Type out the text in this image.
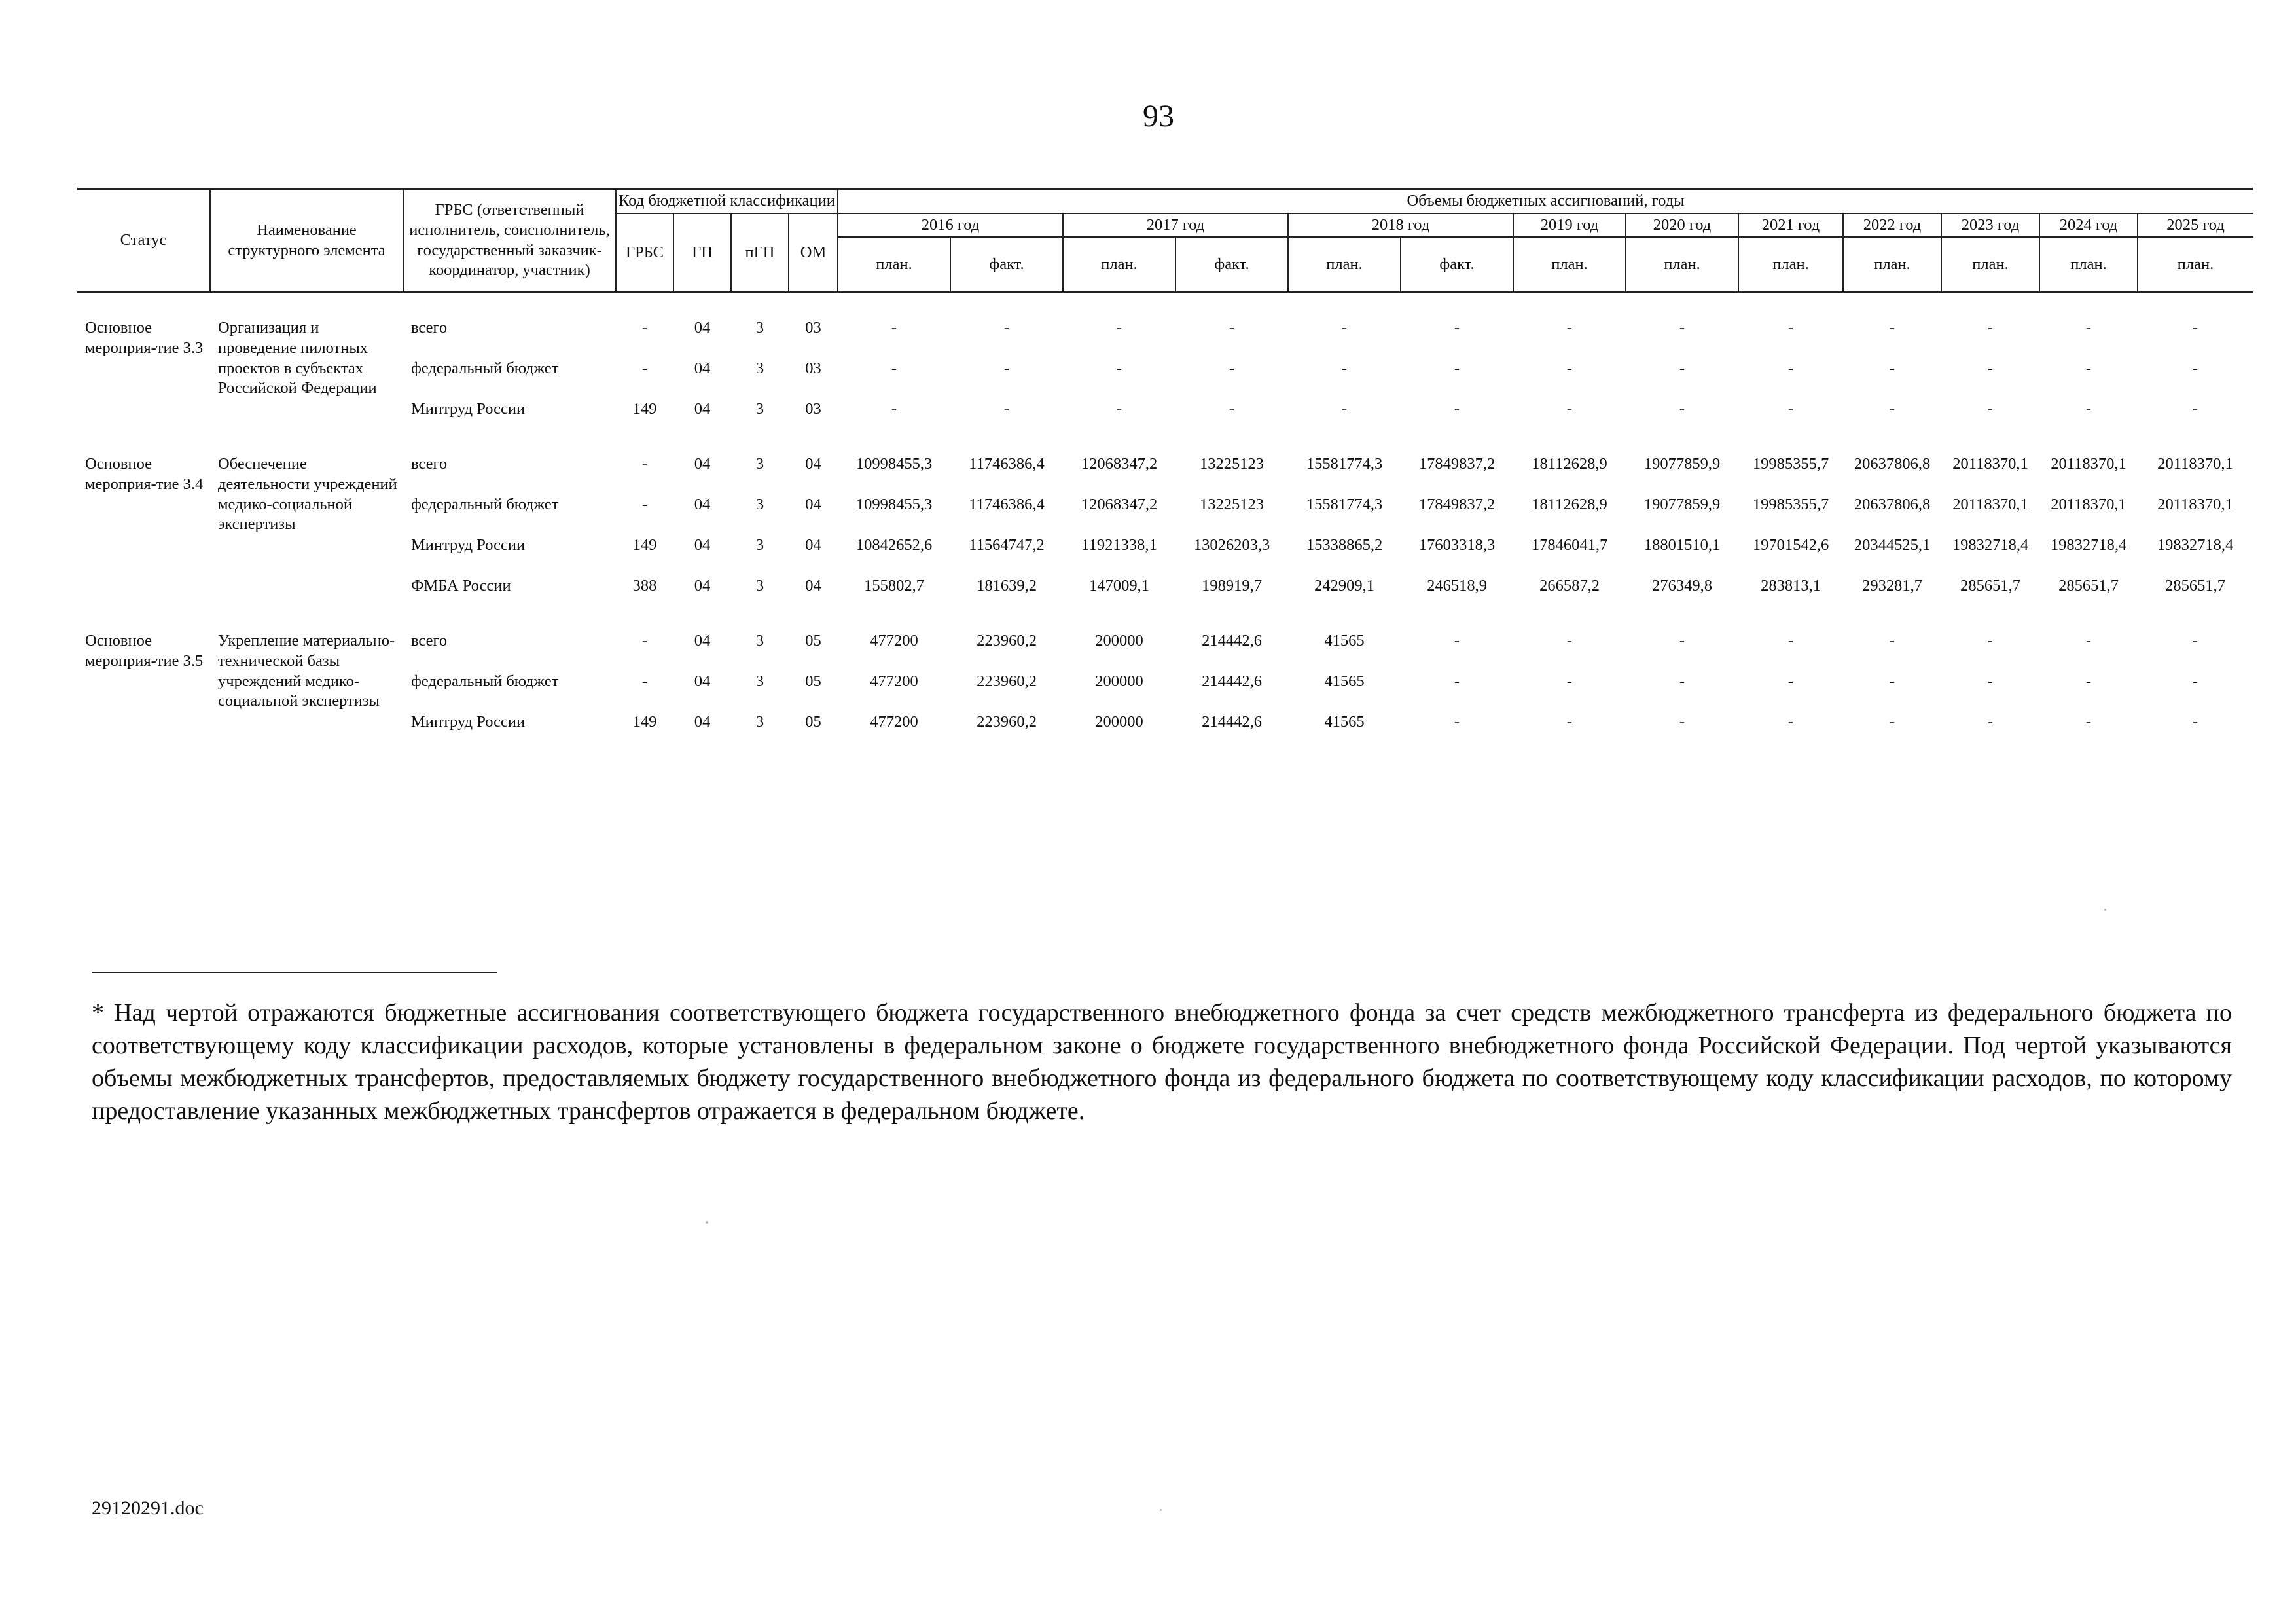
93
Статус	Наименование структурного элемента	ГРБС (ответственный исполнитель, соисполнитель, государственный заказчик-координатор, участник)	Код бюджетной классификации				Объемы бюджетных ассигнований, годы												
			ГРБС	ГП	пГП	ОМ	2016 год		2017 год		2018 год		2019 год	2020 год	2021 год	2022 год	2023 год	2024 год	2025 год
							план.	факт.	план.	факт.	план.	факт.	план.	план.	план.	план.	план.	план.	план.

Основное мероприя-тие 3.3	Организация и проведение пилотных проектов в субъектах Российской Федерации	всего	-	04	3	03	-	-	-	-	-	-	-	-	-	-	-	-	-
		федеральный бюджет	-	04	3	03	-	-	-	-	-	-	-	-	-	-	-	-	-
		Минтруд России	149	04	3	03	-	-	-	-	-	-	-	-	-	-	-	-	-

Основное мероприя-тие 3.4	Обеспечение деятельности учреждений медико-социальной экспертизы	всего	-	04	3	04	10998455,3	11746386,4	12068347,2	13225123	15581774,3	17849837,2	18112628,9	19077859,9	19985355,7	20637806,8	20118370,1	20118370,1	20118370,1
		федеральный бюджет	-	04	3	04	10998455,3	11746386,4	12068347,2	13225123	15581774,3	17849837,2	18112628,9	19077859,9	19985355,7	20637806,8	20118370,1	20118370,1	20118370,1
		Минтруд России	149	04	3	04	10842652,6	11564747,2	11921338,1	13026203,3	15338865,2	17603318,3	17846041,7	18801510,1	19701542,6	20344525,1	19832718,4	19832718,4	19832718,4
		ФМБА России	388	04	3	04	155802,7	181639,2	147009,1	198919,7	242909,1	246518,9	266587,2	276349,8	283813,1	293281,7	285651,7	285651,7	285651,7

Основное мероприя-тие 3.5	Укрепление материально-технической базы учреждений медико-социальной экспертизы	всего	-	04	3	05	477200	223960,2	200000	214442,6	41565	-	-	-	-	-	-	-	-
		федеральный бюджет	-	04	3	05	477200	223960,2	200000	214442,6	41565	-	-	-	-	-	-	-	-
		Минтруд России	149	04	3	05	477200	223960,2	200000	214442,6	41565	-	-	-	-	-	-	-	-
* Над чертой отражаются бюджетные ассигнования соответствующего бюджета государственного внебюджетного фонда за счет средств межбюджетного трансферта из федерального бюджета по соответствующему коду классификации расходов, которые установлены в федеральном законе о бюджете государственного внебюджетного фонда Российской Федерации. Под чертой указываются объемы межбюджетных трансфертов, предоставляемых бюджету государственного внебюджетного фонда из федерального бюджета по соответствующему коду классификации расходов, по которому предоставление указанных межбюджетных трансфертов отражается в федеральном бюджете.
29120291.doc
